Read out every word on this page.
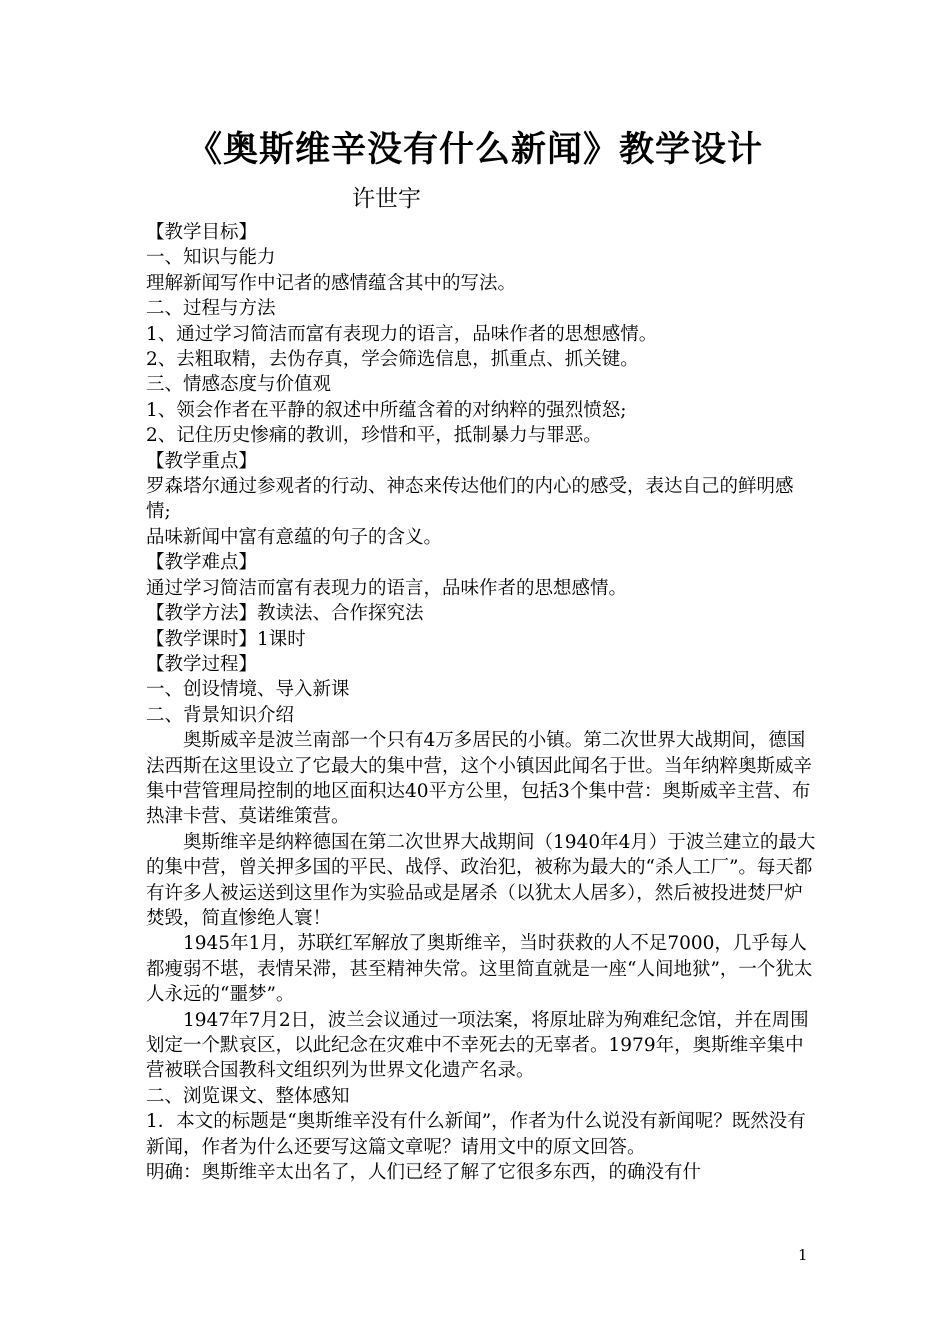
《奥斯维辛没有什么新闻》教学设计

许世宇

【教学目标】

一、知识与能力

理解新闻写作中记者的感情蕴含其中的写法。

二、过程与方法

1、通过学习简洁而富有表现力的语言，品味作者的思想感情。

2、去粗取精，去伪存真，学会筛选信息，抓重点、抓关键。

三、情感态度与价值观

1、领会作者在平静的叙述中所蕴含着的对纳粹的强烈愤怒;

2、记住历史惨痛的教训，珍惜和平，抵制暴力与罪恶。

【教学重点】

罗森塔尔通过参观者的行动、神态来传达他们的内心的感受，表达自己的鲜明感情;

品味新闻中富有意蕴的句子的含义。

【教学难点】

通过学习简洁而富有表现力的语言，品味作者的思想感情。

【教学方法】教读法、合作探究法

【教学课时】1课时

【教学过程】

一、创设情境、导入新课

二、背景知识介绍

奥斯威辛是波兰南部一个只有4万多居民的小镇。第二次世界大战期间，德国法西斯在这里设立了它最大的集中营，这个小镇因此闻名于世。当年纳粹奥斯威辛集中营管理局控制的地区面积达40平方公里，包括3个集中营：奥斯威辛主营、布热津卡营、莫诺维策营。

奥斯维辛是纳粹德国在第二次世界大战期间（1940年4月）于波兰建立的最大的集中营，曾关押多国的平民、战俘、政治犯，被称为最大的“杀人工厂”。每天都有许多人被运送到这里作为实验品或是屠杀（以犹太人居多），然后被投进焚尸炉焚毁，简直惨绝人寰！

1945年1月，苏联红军解放了奥斯维辛，当时获救的人不足7000，几乎每人都瘦弱不堪，表情呆滞，甚至精神失常。这里简直就是一座“人间地狱”，一个犹太人永远的“噩梦”。

1947年7月2日，波兰会议通过一项法案，将原址辟为殉难纪念馆，并在周围划定一个默哀区，以此纪念在灾难中不幸死去的无辜者。1979年，奥斯维辛集中营被联合国教科文组织列为世界文化遗产名录。

二、浏览课文、整体感知

1．本文的标题是“奥斯维辛没有什么新闻”，作者为什么说没有新闻呢？既然没有新闻，作者为什么还要写这篇文章呢？请用文中的原文回答。

明确：奥斯维辛太出名了，人们已经了解了它很多东西，的确没有什

1
